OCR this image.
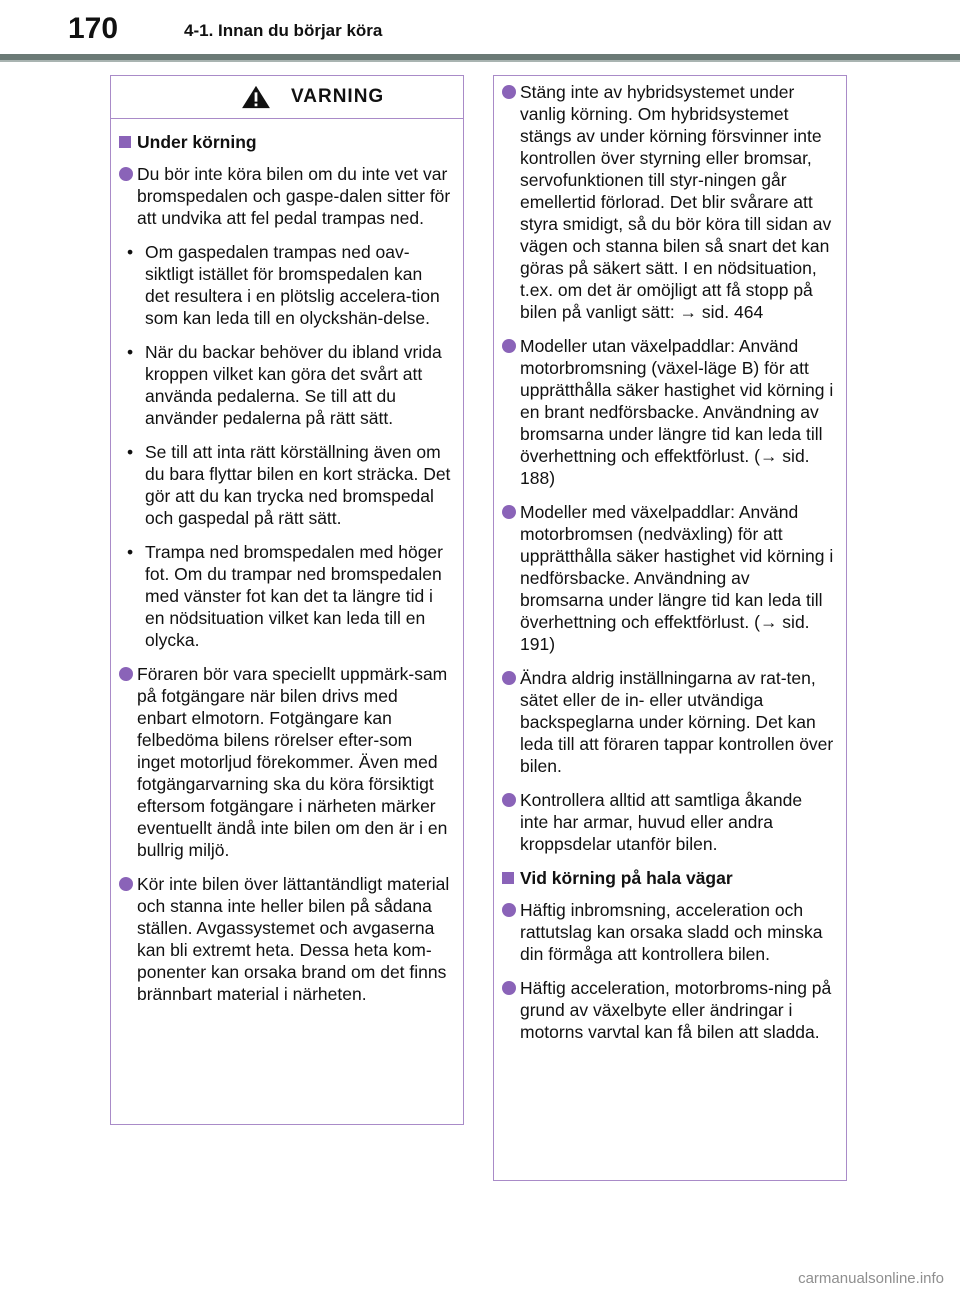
170	4-1. Innan du börjar köra
VARNING
Under körning
Du bör inte köra bilen om du inte vet var bromspedalen och gaspe-dalen sitter för att undvika att fel pedal trampas ned.
• Om gaspedalen trampas ned oav-siktligt istället för bromspedalen kan det resultera i en plötslig accelera-tion som kan leda till en olyckshän-delse.
• När du backar behöver du ibland vrida kroppen vilket kan göra det svårt att använda pedalerna. Se till att du använder pedalerna på rätt sätt.
• Se till att inta rätt körställning även om du bara flyttar bilen en kort sträcka. Det gör att du kan trycka ned bromspedal och gaspedal på rätt sätt.
• Trampa ned bromspedalen med höger fot. Om du trampar ned bromspedalen med vänster fot kan det ta längre tid i en nödsituation vilket kan leda till en olycka.
Föraren bör vara speciellt uppmärk-sam på fotgängare när bilen drivs med enbart elmotorn. Fotgängare kan felbedöma bilens rörelser efter-som inget motorljud förekommer. Även med fotgängarvarning ska du köra försiktigt eftersom fotgängare i närheten märker eventuellt ändå inte bilen om den är i en bullrig miljö.
Kör inte bilen över lättantändligt material och stanna inte heller bilen på sådana ställen. Avgassystemet och avgaserna kan bli extremt heta. Dessa heta kom-ponenter kan orsaka brand om det finns brännbart material i närheten.
Stäng inte av hybridsystemet under vanlig körning. Om hybridsystemet stängs av under körning försvinner inte kontrollen över styrning eller bromsar, servofunktionen till styr-ningen går emellertid förlorad. Det blir svårare att styra smidigt, så du bör köra till sidan av vägen och stanna bilen så snart det kan göras på säkert sätt. I en nödsituation, t.ex. om det är omöjligt att få stopp på bilen på vanligt sätt: → sid. 464
Modeller utan växelpaddlar: Använd motorbromsning (växel-läge B) för att upprätthålla säker hastighet vid körning i en brant nedförsbacke. Användning av bromsarna under längre tid kan leda till överhettning och effektförlust. (→ sid. 188)
Modeller med växelpaddlar: Använd motorbromsen (nedväxling) för att upprätthålla säker hastighet vid körning i nedförsbacke. Användning av bromsarna under längre tid kan leda till överhettning och effektförlust. (→ sid. 191)
Ändra aldrig inställningarna av rat-ten, sätet eller de in- eller utvändiga backspeglarna under körning. Det kan leda till att föraren tappar kontrollen över bilen.
Kontrollera alltid att samtliga åkande inte har armar, huvud eller andra kroppsdelar utanför bilen.
Vid körning på hala vägar
Häftig inbromsning, acceleration och rattutslag kan orsaka sladd och minska din förmåga att kontrollera bilen.
Häftig acceleration, motorbroms-ning på grund av växelbyte eller ändringar i motorns varvtal kan få bilen att sladda.
carmanualsonline.info
